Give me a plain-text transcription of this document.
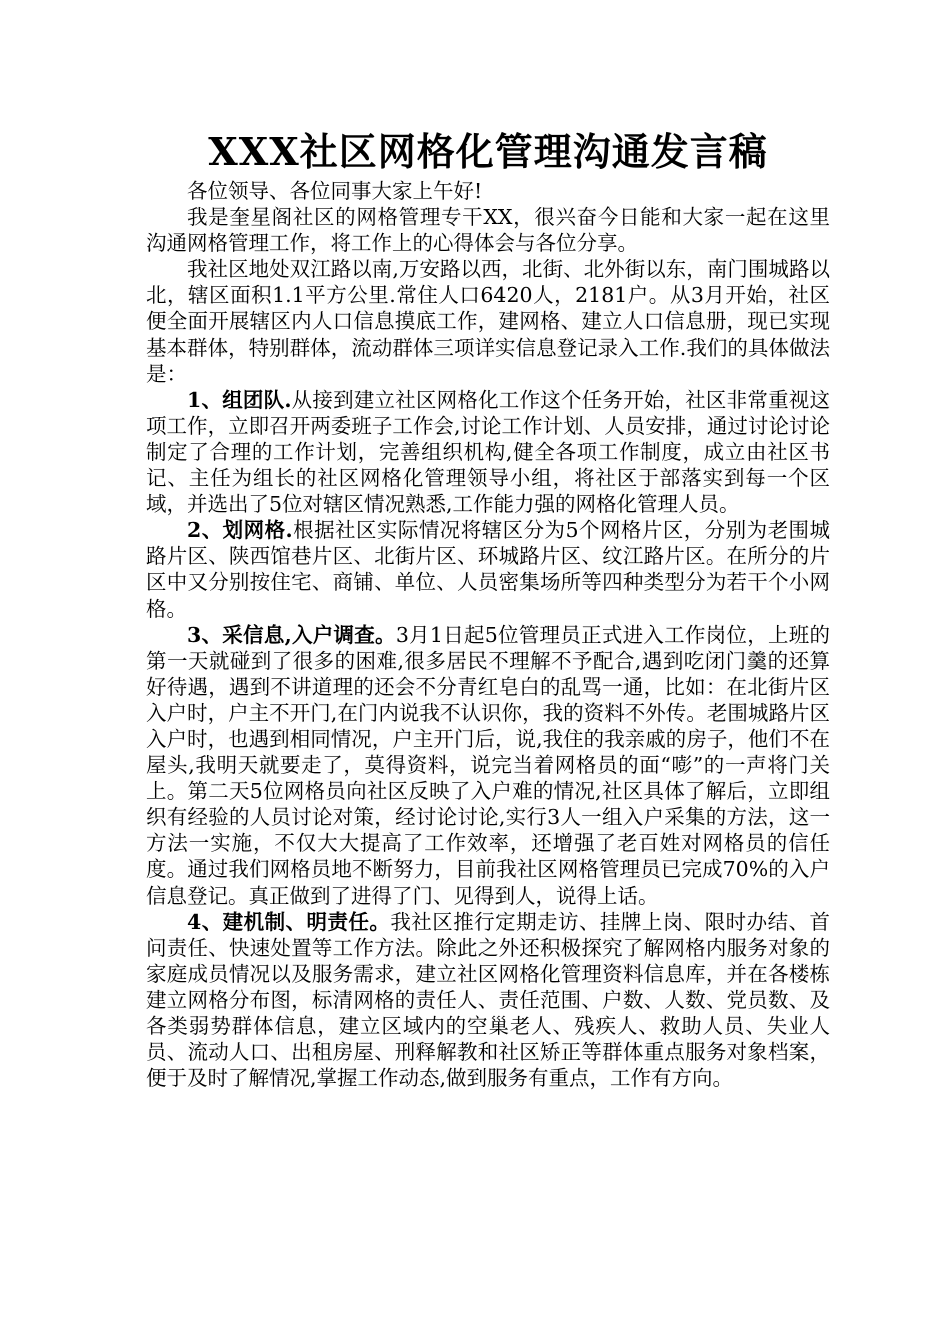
XXX社区网格化管理沟通发言稿

各位领导、各位同事大家上午好!

我是奎星阁社区的网格管理专干XX，很兴奋今日能和大家一起在这里沟通网格管理工作，将工作上的心得体会与各位分享。

我社区地处双江路以南,万安路以西，北街、北外街以东，南门围城路以北，辖区面积1.1平方公里.常住人口6420人，2181户。从3月开始，社区便全面开展辖区内人口信息摸底工作，建网格、建立人口信息册，现已实现基本群体，特别群体，流动群体三项详实信息登记录入工作.我们的具体做法是：

1、组团队.从接到建立社区网格化工作这个任务开始，社区非常重视这项工作，立即召开两委班子工作会,讨论工作计划、人员安排，通过讨论讨论制定了合理的工作计划，完善组织机构,健全各项工作制度，成立由社区书记、主任为组长的社区网格化管理领导小组，将社区于部落实到每一个区域，并选出了5位对辖区情况熟悉,工作能力强的网格化管理人员。

2、划网格.根据社区实际情况将辖区分为5个网格片区，分别为老围城路片区、陕西馆巷片区、北街片区、环城路片区、纹江路片区。在所分的片区中又分别按住宅、商铺、单位、人员密集场所等四种类型分为若干个小网格。

3、采信息,入户调查。3月1日起5位管理员正式进入工作岗位，上班的第一天就碰到了很多的困难,很多居民不理解不予配合,遇到吃闭门羹的还算好待遇，遇到不讲道理的还会不分青红皂白的乱骂一通，比如：在北街片区入户时，户主不开门,在门内说我不认识你，我的资料不外传。老围城路片区入户时，也遇到相同情况，户主开门后，说,我住的我亲戚的房子，他们不在屋头,我明天就要走了，莫得资料，说完当着网格员的面“嘭”的一声将门关上。第二天5位网格员向社区反映了入户难的情况,社区具体了解后，立即组织有经验的人员讨论对策，经讨论讨论,实行3人一组入户采集的方法，这一方法一实施，不仅大大提高了工作效率，还增强了老百姓对网格员的信任度。通过我们网格员地不断努力，目前我社区网格管理员已完成70%的入户信息登记。真正做到了进得了门、见得到人，说得上话。

4、建机制、明责任。我社区推行定期走访、挂牌上岗、限时办结、首问责任、快速处置等工作方法。除此之外还积极探究了解网格内服务对象的家庭成员情况以及服务需求，建立社区网格化管理资料信息库，并在各楼栋建立网格分布图，标清网格的责任人、责任范围、户数、人数、党员数、及各类弱势群体信息，建立区域内的空巢老人、残疾人、救助人员、失业人员、流动人口、出租房屋、刑释解教和社区矫正等群体重点服务对象档案，便于及时了解情况,掌握工作动态,做到服务有重点，工作有方向。
